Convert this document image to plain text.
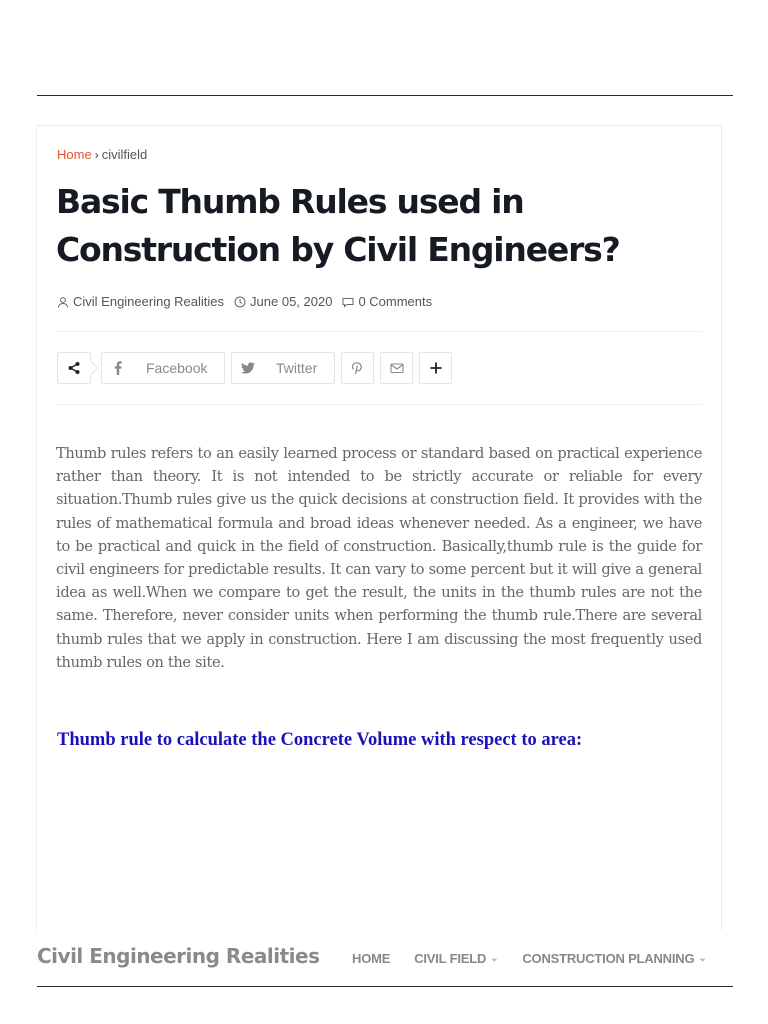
Home › civilfield
Basic Thumb Rules used in Construction by Civil Engineers?
Civil Engineering Realities June 05, 2020 0 Comments
Facebook	Twitter

Thumb rules refers to an easily learned process or standard based on practical experience rather than theory. It is not intended to be strictly accurate or reliable for every situation.Thumb rules give us the quick decisions at construction field. It provides with the rules of mathematical formula and broad ideas whenever needed. As a engineer, we have to be practical and quick in the field of construction. Basically,thumb rule is the guide for civil engineers for predictable results. It can vary to some percent but it will give a general idea as well.When we compare to get the result, the units in the thumb rules are not the same. Therefore, never consider units when performing the thumb rule.There are several thumb rules that we apply in construction. Here I am discussing the most frequently used thumb rules on the site.

Thumb rule to calculate the Concrete Volume with respect to area:
Civil Engineering Realities	HOME CIVIL FIELD ⌄ CONSTRUCTION PLANNING ⌄
